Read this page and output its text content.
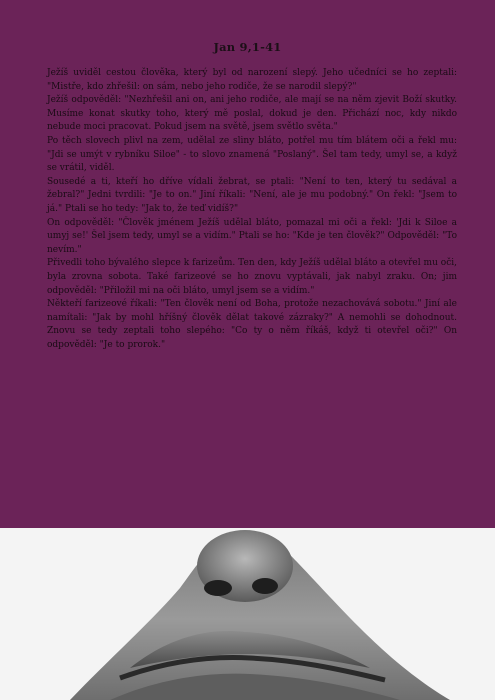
Jan 9,1-41

Ježíš uviděl cestou člověka, který byl od narození slepý. Jeho učedníci se ho zeptali: "Mistře, kdo zhřešil: on sám, nebo jeho rodiče, že se narodil slepý?"

Ježíš odpověděl: "Nezhřešil ani on, ani jeho rodiče, ale mají se na něm zjevit Boží skutky. Musíme konat skutky toho, který mě poslal, dokud je den. Přichází noc, kdy nikdo nebude moci pracovat. Pokud jsem na světě, jsem světlo světa."

Po těch slovech plivl na zem, udělal ze sliny bláto, potřel mu tím blátem oči a řekl mu: "Jdi se umýt v rybníku Siloe" - to slovo znamená "Poslaný". Šel tam tedy, umyl se, a když se vrátil, viděl.

Sousedé a ti, kteří ho dříve vídali žebrat, se ptali: "Není to ten, který tu sedával a žebral?" Jedni tvrdili: "Je to on." Jiní říkali: "Není, ale je mu podobný." On řekl: "Jsem to já." Ptali se ho tedy: "Jak to, že teď vidíš?"

On odpověděl: "Člověk jménem Ježíš udělal bláto, pomazal mi oči a řekl: 'Jdi k Siloe a umyj se!' Šel jsem tedy, umyl se a vidím." Ptali se ho: "Kde je ten člověk?" Odpověděl: "To nevím."

Přivedli toho bývalého slepce k farizeům. Ten den, kdy Ježíš udělal bláto a otevřel mu oči, byla zrovna sobota. Také farizeové se ho znovu vyptávali, jak nabyl zraku. On; jim odpověděl: "Přiložil mi na oči bláto, umyl jsem se a vidím."

Někteří farizeové říkali: "Ten člověk není od Boha, protože nezachovává sobotu." Jiní ale namítali: "Jak by mohl hříšný člověk dělat takové zázraky?" A nemohli se dohodnout. Znovu se tedy zeptali toho slepého: "Co ty o něm říkáš, když ti otevřel oči?" On odpověděl: "Je to prorok."
